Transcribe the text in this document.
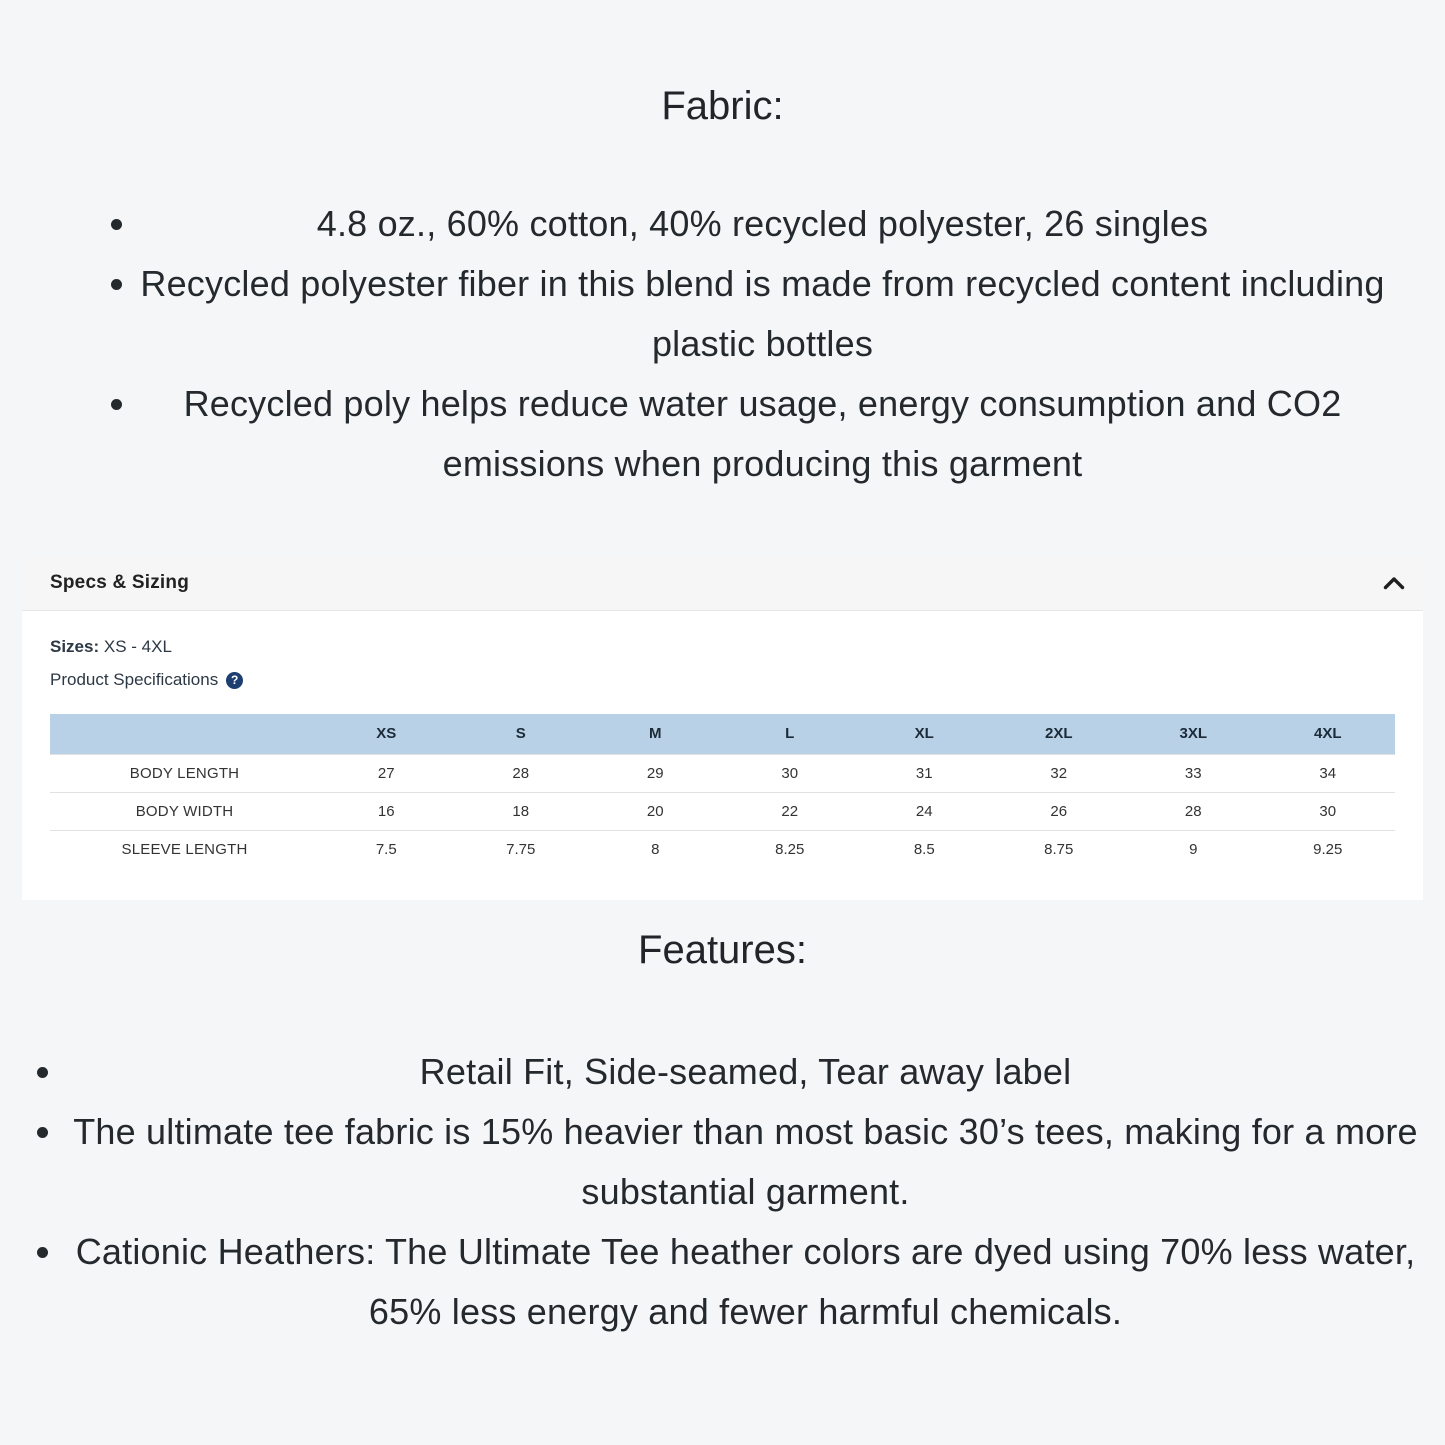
Fabric:
• 4.8 oz., 60% cotton, 40% recycled polyester, 26 singles
• Recycled polyester fiber in this blend is made from recycled content including plastic bottles
• Recycled poly helps reduce water usage, energy consumption and CO2 emissions when producing this garment
Specs & Sizing

Sizes: XS - 4XL

Product Specifications	?

	XS	S	M	L	XL	2XL	3XL	4XL
BODY LENGTH	27	28	29	30	31	32	33	34
BODY WIDTH	16	18	20	22	24	26	28	30
SLEEVE LENGTH	7.5	7.75	8	8.25	8.5	8.75	9	9.25
Features:
• Retail Fit, Side-seamed, Tear away label
• The ultimate tee fabric is 15% heavier than most basic 30’s tees, making for a more substantial garment.
• Cationic Heathers: The Ultimate Tee heather colors are dyed using 70% less water, 65% less energy and fewer harmful chemicals.
